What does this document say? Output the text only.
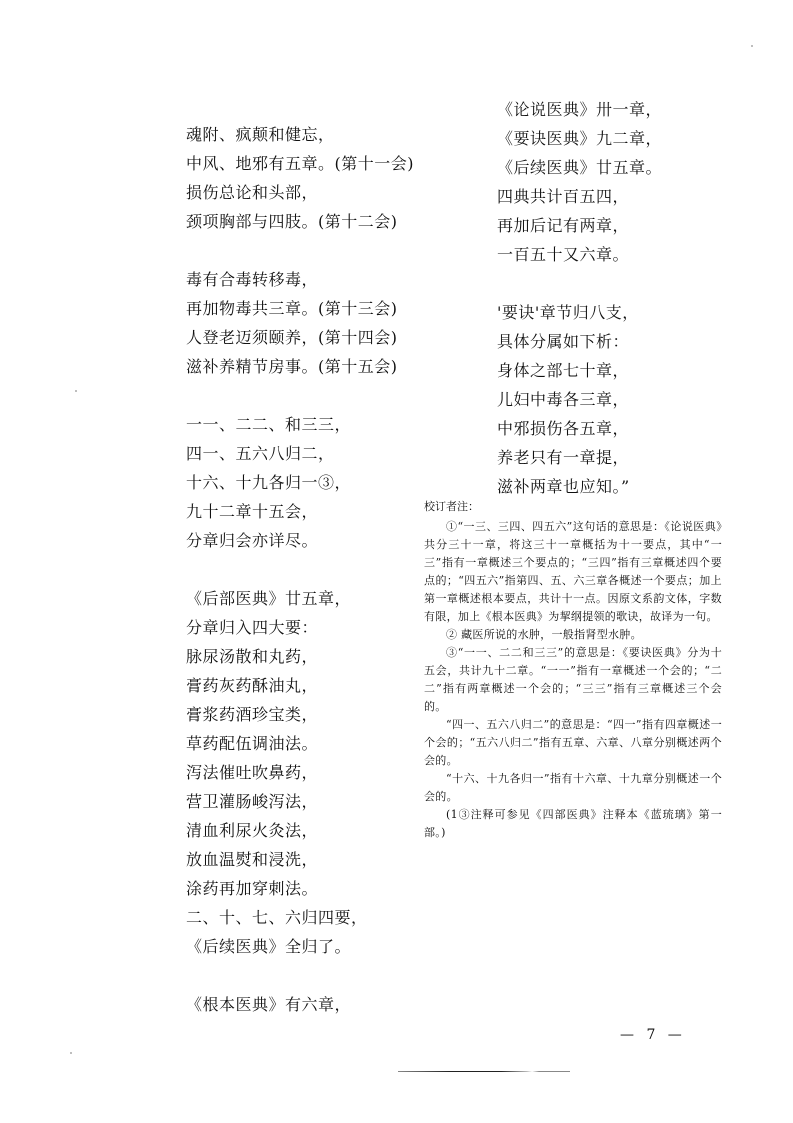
魂附、疯颠和健忘，
中风、地邪有五章。(第十一会)
损伤总论和头部，
颈项胸部与四肢。(第十二会)
毒有合毒转移毒，
再加物毒共三章。(第十三会)
人登老迈须颐养，(第十四会)
滋补养精节房事。(第十五会)
一一、二二、和三三，
四一、五六八归二，
十六、十九各归一③，
九十二章十五会，
分章归会亦详尽。
《后部医典》廿五章，
分章归入四大要：
脉尿汤散和丸药，
膏药灰药酥油丸，
膏浆药酒珍宝类，
草药配伍调油法。
泻法催吐吹鼻药，
营卫灌肠峻泻法，
清血利尿火灸法，
放血温熨和浸洗，
涂药再加穿刺法。
二、十、七、六归四要，
《后续医典》全归了。
《根本医典》有六章，
《论说医典》卅一章，
《要诀医典》九二章，
《后续医典》廿五章。
四典共计百五四，
再加后记有两章，
一百五十又六章。
'要诀'章节归八支，
具体分属如下析：
身体之部七十章，
儿妇中毒各三章，
中邪损伤各五章，
养老只有一章提，
滋补两章也应知。”
校订者注：

①“一三、三四、四五六”这句话的意思是：《论说医典》共分三十一章，将这三十一章概括为十一要点，其中“一三”指有一章概述三个要点的；“三四”指有三章概述四个要点的；“四五六”指第四、五、六三章各概述一个要点；加上第一章概述根本要点，共计十一点。因原文系韵文体，字数有限，加上《根本医典》为挈纲提领的歌诀，故译为一句。

② 藏医所说的水肿，一般指肾型水肿。

③“一一、二二和三三”的意思是：《要诀医典》分为十五会，共计九十二章。“一一”指有一章概述一个会的；“二二”指有两章概述一个会的；“三三”指有三章概述三个会的。

“四一、五六八归二”的意思是：“四一”指有四章概述一个会的；“五六八归二”指有五章、六章、八章分别概述两个会的。

“十六、十九各归一”指有十六章、十九章分别概述一个会的。

(1③注释可参见《四部医典》注释本《蓝琉璃》第一部。)

— 7 —
